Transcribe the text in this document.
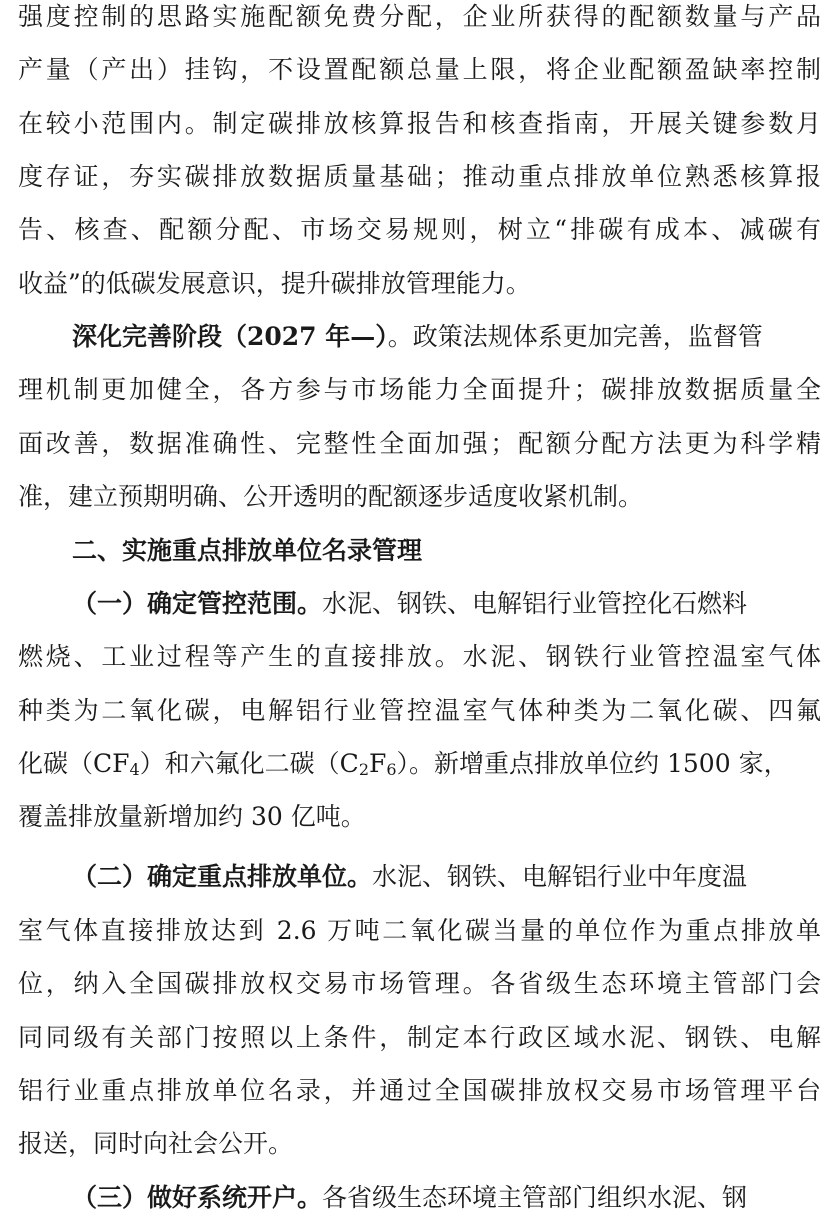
强度控制的思路实施配额免费分配，企业所获得的配额数量与产品
产量（产出）挂钩，不设置配额总量上限，将企业配额盈缺率控制
在较小范围内。制定碳排放核算报告和核查指南，开展关键参数月
度存证，夯实碳排放数据质量基础；推动重点排放单位熟悉核算报
告、核查、配额分配、市场交易规则，树立“排碳有成本、减碳有
收益”的低碳发展意识，提升碳排放管理能力。
深化完善阶段（2027 年—）。政策法规体系更加完善，监督管
理机制更加健全，各方参与市场能力全面提升；碳排放数据质量全
面改善，数据准确性、完整性全面加强；配额分配方法更为科学精
准，建立预期明确、公开透明的配额逐步适度收紧机制。
二、实施重点排放单位名录管理
（一）确定管控范围。水泥、钢铁、电解铝行业管控化石燃料
燃烧、工业过程等产生的直接排放。水泥、钢铁行业管控温室气体
种类为二氧化碳，电解铝行业管控温室气体种类为二氧化碳、四氟
化碳（CF4）和六氟化二碳（C2F6）。新增重点排放单位约 1500 家，
覆盖排放量新增加约 30 亿吨。
（二）确定重点排放单位。水泥、钢铁、电解铝行业中年度温
室气体直接排放达到 2.6 万吨二氧化碳当量的单位作为重点排放单
位，纳入全国碳排放权交易市场管理。各省级生态环境主管部门会
同同级有关部门按照以上条件，制定本行政区域水泥、钢铁、电解
铝行业重点排放单位名录，并通过全国碳排放权交易市场管理平台
报送，同时向社会公开。
（三）做好系统开户。各省级生态环境主管部门组织水泥、钢
